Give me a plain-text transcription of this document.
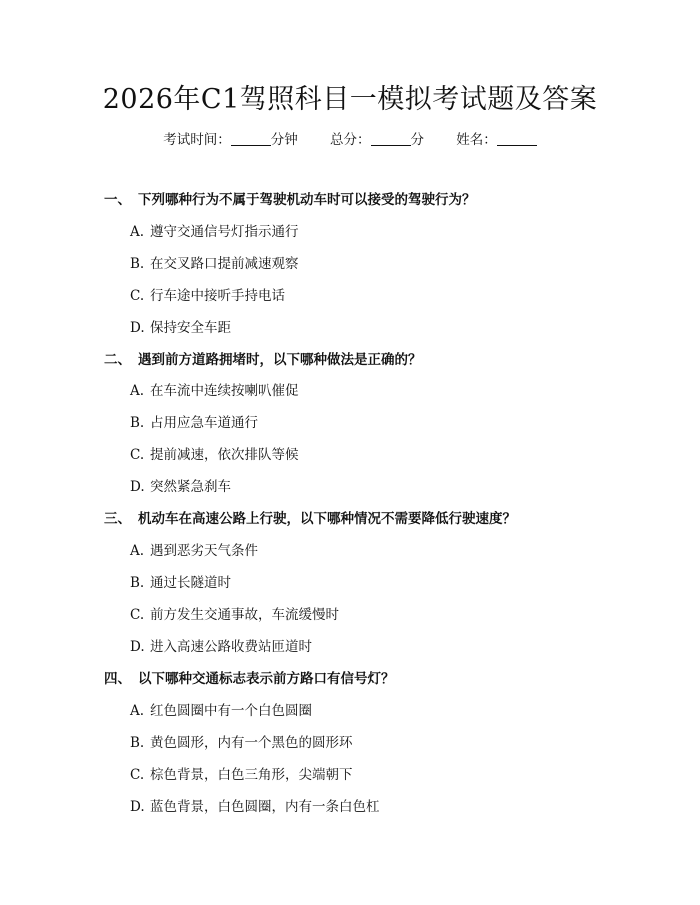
2026年C1驾照科目一模拟考试题及答案
考试时间：	分钟 总分：	分 姓名：
一、 下列哪种行为不属于驾驶机动车时可以接受的驾驶行为？
A. 遵守交通信号灯指示通行
B. 在交叉路口提前减速观察
C. 行车途中接听手持电话
D. 保持安全车距
二、 遇到前方道路拥堵时，以下哪种做法是正确的？
A. 在车流中连续按喇叭催促
B. 占用应急车道通行
C. 提前减速，依次排队等候
D. 突然紧急刹车
三、 机动车在高速公路上行驶，以下哪种情况不需要降低行驶速度？
A. 遇到恶劣天气条件
B. 通过长隧道时
C. 前方发生交通事故，车流缓慢时
D. 进入高速公路收费站匝道时
四、 以下哪种交通标志表示前方路口有信号灯？
A. 红色圆圈中有一个白色圆圈
B. 黄色圆形，内有一个黑色的圆形环
C. 棕色背景，白色三角形，尖端朝下
D. 蓝色背景，白色圆圈，内有一条白色杠
